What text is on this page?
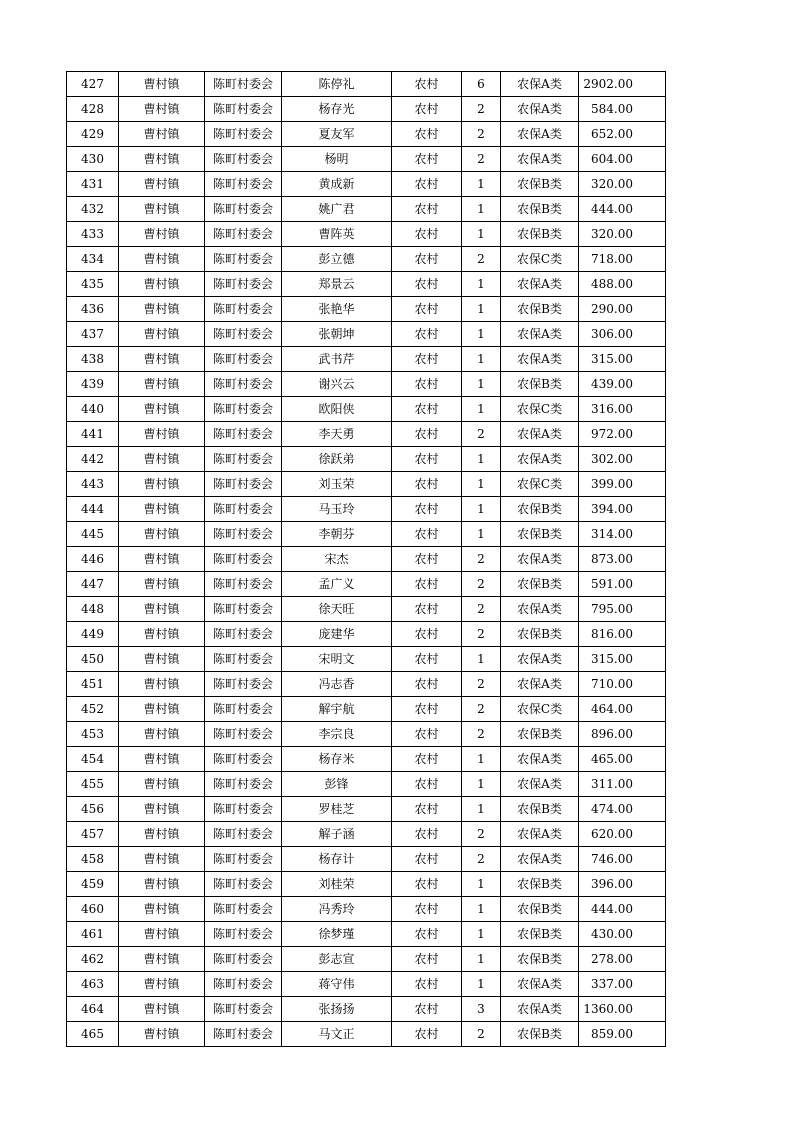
427	曹村镇	陈町村委会	陈停礼	农村	6	农保A类	2902.00
428	曹村镇	陈町村委会	杨存光	农村	2	农保A类	584.00
429	曹村镇	陈町村委会	夏友军	农村	2	农保A类	652.00
430	曹村镇	陈町村委会	杨明	农村	2	农保A类	604.00
431	曹村镇	陈町村委会	黄成新	农村	1	农保B类	320.00
432	曹村镇	陈町村委会	姚广君	农村	1	农保B类	444.00
433	曹村镇	陈町村委会	曹阵英	农村	1	农保B类	320.00
434	曹村镇	陈町村委会	彭立德	农村	2	农保C类	718.00
435	曹村镇	陈町村委会	郑景云	农村	1	农保A类	488.00
436	曹村镇	陈町村委会	张艳华	农村	1	农保B类	290.00
437	曹村镇	陈町村委会	张朝坤	农村	1	农保A类	306.00
438	曹村镇	陈町村委会	武书芹	农村	1	农保A类	315.00
439	曹村镇	陈町村委会	谢兴云	农村	1	农保B类	439.00
440	曹村镇	陈町村委会	欧阳侠	农村	1	农保C类	316.00
441	曹村镇	陈町村委会	李天勇	农村	2	农保A类	972.00
442	曹村镇	陈町村委会	徐跃弟	农村	1	农保A类	302.00
443	曹村镇	陈町村委会	刘玉荣	农村	1	农保C类	399.00
444	曹村镇	陈町村委会	马玉玲	农村	1	农保B类	394.00
445	曹村镇	陈町村委会	李朝芬	农村	1	农保B类	314.00
446	曹村镇	陈町村委会	宋杰	农村	2	农保A类	873.00
447	曹村镇	陈町村委会	孟广义	农村	2	农保B类	591.00
448	曹村镇	陈町村委会	徐天旺	农村	2	农保A类	795.00
449	曹村镇	陈町村委会	庞建华	农村	2	农保B类	816.00
450	曹村镇	陈町村委会	宋明文	农村	1	农保A类	315.00
451	曹村镇	陈町村委会	冯志香	农村	2	农保A类	710.00
452	曹村镇	陈町村委会	解宇航	农村	2	农保C类	464.00
453	曹村镇	陈町村委会	李宗良	农村	2	农保B类	896.00
454	曹村镇	陈町村委会	杨存米	农村	1	农保A类	465.00
455	曹村镇	陈町村委会	彭锋	农村	1	农保A类	311.00
456	曹村镇	陈町村委会	罗桂芝	农村	1	农保B类	474.00
457	曹村镇	陈町村委会	解子涵	农村	2	农保A类	620.00
458	曹村镇	陈町村委会	杨存计	农村	2	农保A类	746.00
459	曹村镇	陈町村委会	刘桂荣	农村	1	农保B类	396.00
460	曹村镇	陈町村委会	冯秀玲	农村	1	农保B类	444.00
461	曹村镇	陈町村委会	徐梦瑾	农村	1	农保B类	430.00
462	曹村镇	陈町村委会	彭志宣	农村	1	农保B类	278.00
463	曹村镇	陈町村委会	蒋守伟	农村	1	农保A类	337.00
464	曹村镇	陈町村委会	张扬扬	农村	3	农保A类	1360.00
465	曹村镇	陈町村委会	马文正	农村	2	农保B类	859.00
